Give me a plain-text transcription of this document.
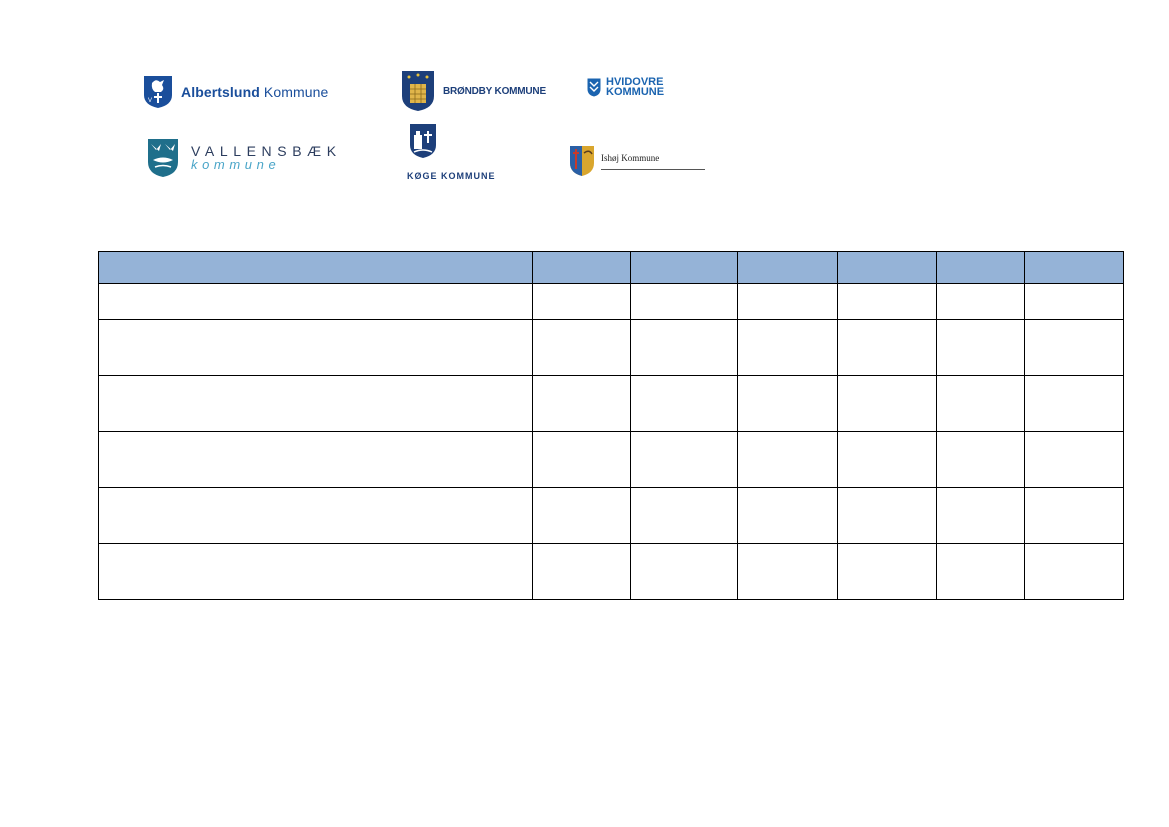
V
Albertslund Kommune	BRØNDBY KOMMUNE
HVIDOVRE
KOMMUNE
VALLENSBÆK
kommune
KØGE KOMMUNE
Ishøj Kommune
